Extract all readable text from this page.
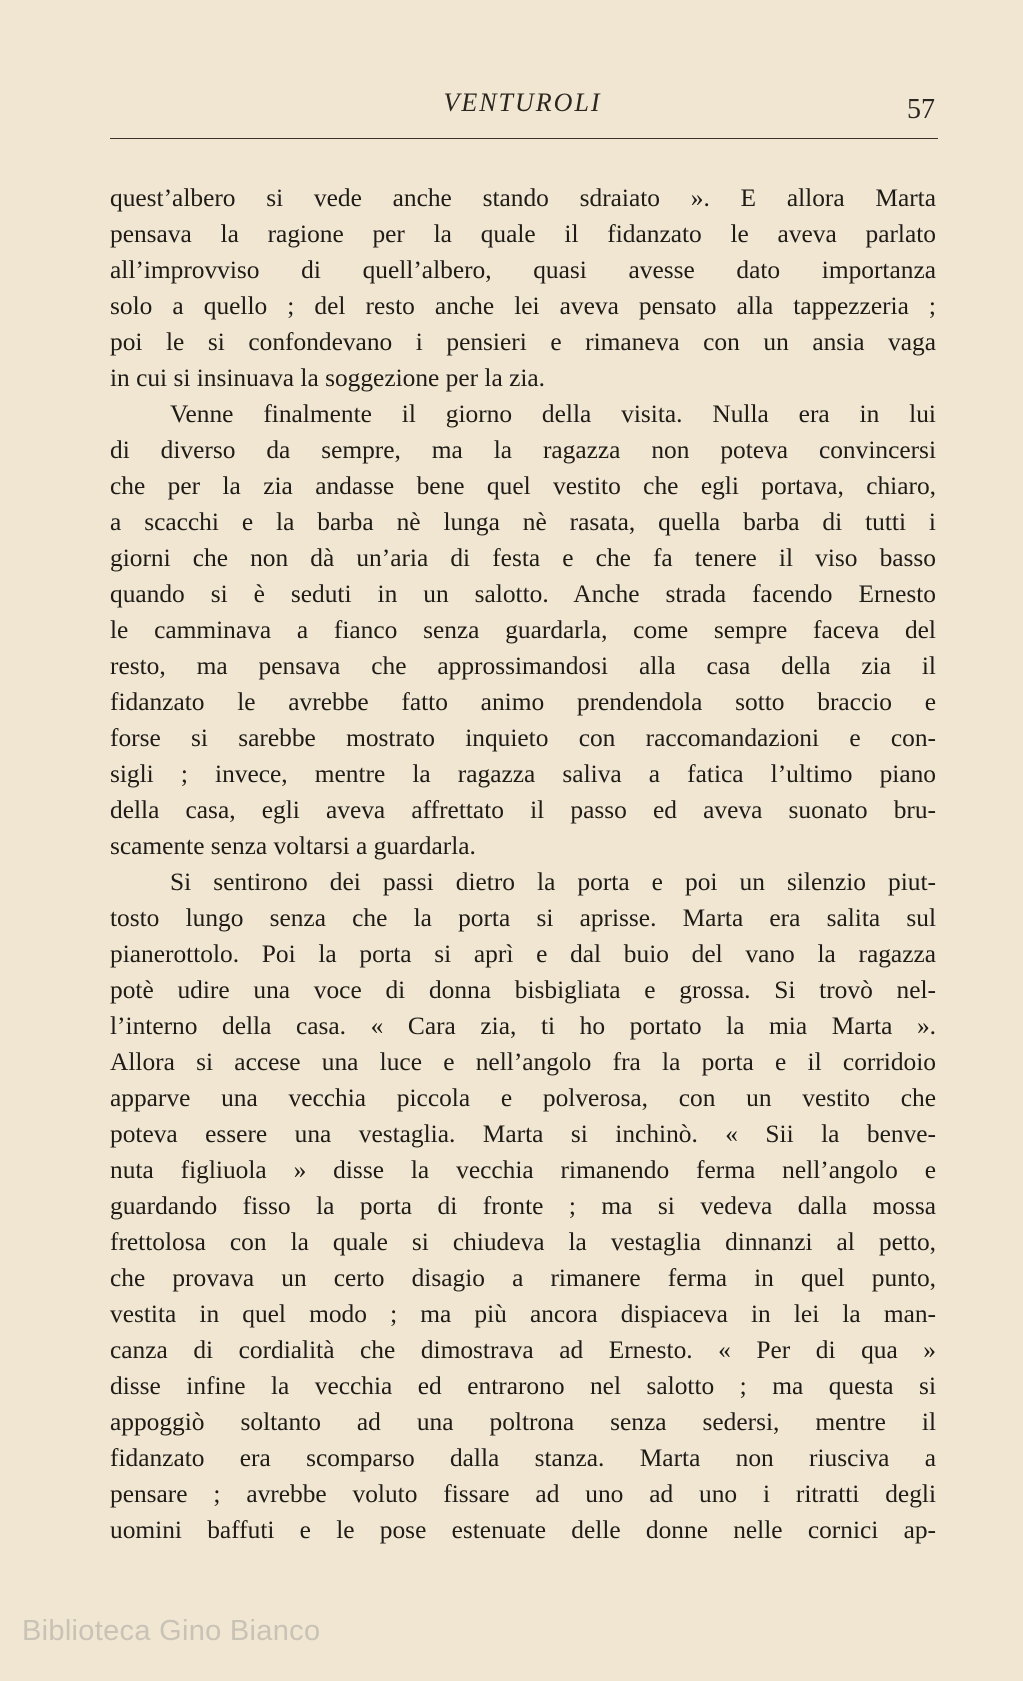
VENTUROLI	57
quest’albero si vede anche stando sdraiato ». E allora Marta
pensava la ragione per la quale il fidanzato le aveva parlato
all’improvviso di quell’albero, quasi avesse dato importanza
solo a quello ; del resto anche lei aveva pensato alla tappezzeria ;
poi le si confondevano i pensieri e rimaneva con un ansia vaga
in cui si insinuava la soggezione per la zia.
Venne finalmente il giorno della visita. Nulla era in lui
di diverso da sempre, ma la ragazza non poteva convincersi
che per la zia andasse bene quel vestito che egli portava, chiaro,
a scacchi e la barba nè lunga nè rasata, quella barba di tutti i
giorni che non dà un’aria di festa e che fa tenere il viso basso
quando si è seduti in un salotto. Anche strada facendo Ernesto
le camminava a fianco senza guardarla, come sempre faceva del
resto, ma pensava che approssimandosi alla casa della zia il
fidanzato le avrebbe fatto animo prendendola sotto braccio e
forse si sarebbe mostrato inquieto con raccomandazioni e con-
sigli ; invece, mentre la ragazza saliva a fatica l’ultimo piano
della casa, egli aveva affrettato il passo ed aveva suonato bru-
scamente senza voltarsi a guardarla.
Si sentirono dei passi dietro la porta e poi un silenzio piut-
tosto lungo senza che la porta si aprisse. Marta era salita sul
pianerottolo. Poi la porta si aprì e dal buio del vano la ragazza
potè udire una voce di donna bisbigliata e grossa. Si trovò nel-
l’interno della casa. « Cara zia, ti ho portato la mia Marta ».
Allora si accese una luce e nell’angolo fra la porta e il corridoio
apparve una vecchia piccola e polverosa, con un vestito che
poteva essere una vestaglia. Marta si inchinò. « Sii la benve-
nuta figliuola » disse la vecchia rimanendo ferma nell’angolo e
guardando fisso la porta di fronte ; ma si vedeva dalla mossa
frettolosa con la quale si chiudeva la vestaglia dinnanzi al petto,
che provava un certo disagio a rimanere ferma in quel punto,
vestita in quel modo ; ma più ancora dispiaceva in lei la man-
canza di cordialità che dimostrava ad Ernesto. « Per di qua »
disse infine la vecchia ed entrarono nel salotto ; ma questa si
appoggiò soltanto ad una poltrona senza sedersi, mentre il
fidanzato era scomparso dalla stanza. Marta non riusciva a
pensare ; avrebbe voluto fissare ad uno ad uno i ritratti degli
uomini baffuti e le pose estenuate delle donne nelle cornici ap-
Biblioteca Gino Bianco
